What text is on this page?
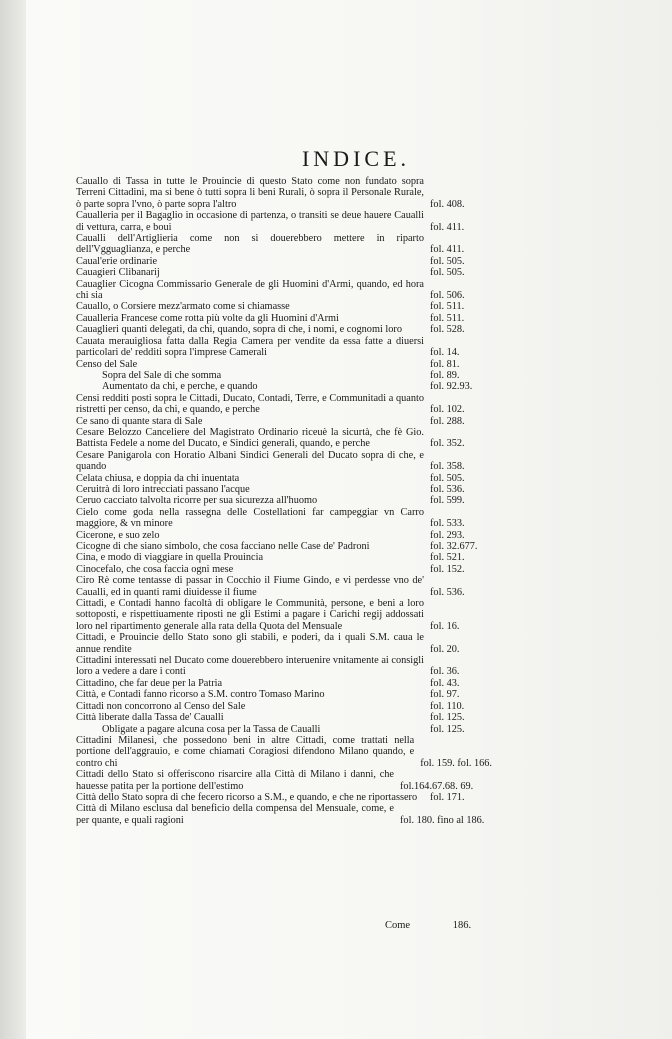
INDICE.
Cauallo di Tassa in tutte le Prouincie di questo Stato come non fundato sopra Terreni Cittadini, ma si bene ò tutti sopra li beni Rurali, ò sopra il Personale Rurale, ò parte sopra l'vno, ò parte sopra l'altro	fol. 408.
Caualleria per il Bagaglio in occasione di partenza, o transiti se deue hauere Caualli di vettura, carra, e boui	fol. 411.
Caualli dell'Artiglieria come non si douerebbero mettere in riparto dell'Vgguaglianza, e perche	fol. 411.
Caual'erie ordinarie	fol. 505.
Cauagieri Clibanarij	fol. 505.
Cauaglier Cicogna Commissario Generale de gli Huomini d'Armi, quando, ed hora chi sia	fol. 506.
Cauallo, o Corsiere mezz'armato come si chiamasse	fol. 511.
Caualleria Francese come rotta più volte da gli Huomini d'Armi	fol. 511.
Cauaglieri quanti delegati, da chi, quando, sopra di che, i nomi, e cognomi loro	fol. 528.
Cauata merauigliosa fatta dalla Regia Camera per vendite da essa fatte a diuersi particolari de' redditi sopra l'imprese Camerali	fol. 14.
Censo del Sale	fol. 81.
Sopra del Sale di che somma	fol. 89.
Aumentato da chi, e perche, e quando	fol. 92.93.
Censi redditi posti sopra le Cittadi, Ducato, Contadi, Terre, e Communitadi a quanto ristretti per censo, da chi, e quando, e perche	fol. 102.
Ce sano di quante stara di Sale	fol. 288.
Cesare Belozzo Canceliere del Magistrato Ordinario riceuè la sicurtà, che fè Gio. Battista Fedele a nome del Ducato, e Sindici generali, quando, e perche	fol. 352.
Cesare Panigarola con Horatio Albani Sindici Generali del Ducato sopra di che, e quando	fol. 358.
Celata chiusa, e doppia da chi inuentata	fol. 505.
Ceruitrà di loro intrecciati passano l'acque	fol. 536.
Ceruo cacciato talvolta ricorre per sua sicurezza all'huomo	fol. 599.
Cielo come goda nella rassegna delle Costellationi far campeggiar vn Carro maggiore, & vn minore	fol. 533.
Cicerone, e suo zelo	fol. 293.
Cicogne di che siano simbolo, che cosa facciano nelle Case de' Padroni	fol. 32.677.
Cina, e modo di viaggiare in quella Prouincia	fol. 521.
Cinocefalo, che cosa faccia ogni mese	fol. 152.
Ciro Rè come tentasse di passar in Cocchio il Fiume Gindo, e vi perdesse vno de' Caualli, ed in quanti rami diuidesse il fiume	fol. 536.
Cittadi, e Contadi hanno facoltà di obligare le Communità, persone, e beni a loro sottoposti, e rispettiuamente riposti ne gli Estimi a pagare i Carichi regij addossati loro nel ripartimento generale alla rata della Quota del Mensuale	fol. 16.
Cittadi, e Prouincie dello Stato sono gli stabili, e poderi, da i quali S.M. caua le annue rendite	fol. 20.
Cittadini interessati nel Ducato come douerebbero interuenire vnitamente ai consigli loro a vedere a dare i conti	fol. 36.
Cittadino, che far deue per la Patria	fol. 43.
Città, e Contadi fanno ricorso a S.M. contro Tomaso Marino	fol. 97.
Cittadi non concorrono al Censo del Sale	fol. 110.
Città liberate dalla Tassa de' Caualli	fol. 125.
Obligate a pagare alcuna cosa per la Tassa de Caualli	fol. 125.
Cittadini Milanesi, che possedono beni in altre Cittadi, come trattati nella portione dell'aggrauio, e come chiamati Coragiosi difendono Milano quando, e contro chi	fol. 159. fol. 166.
Cittadi dello Stato si offeriscono risarcire alla Città di Milano i danni, che hauesse patita per la portione dell'estimo	fol.164.67.68. 69.
Città dello Stato sopra di che fecero ricorso a S.M., e quando, e che ne riportassero	fol. 171.
Città di Milano esclusa dal beneficio della compensa del Mensuale, come, e per quante, e quali ragioni	fol. 180. fino al 186.
Come	186.
